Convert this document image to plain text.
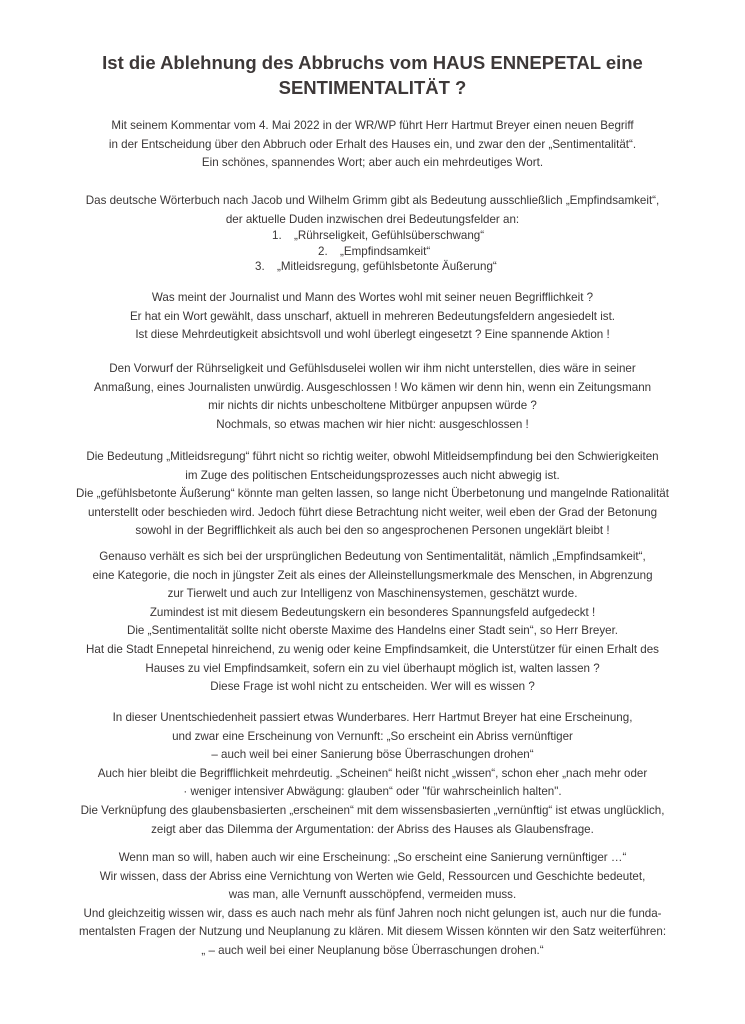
Ist die Ablehnung des Abbruchs vom HAUS ENNEPETAL eine
SENTIMENTALITÄT ?
Mit seinem Kommentar vom 4. Mai 2022 in der WR/WP führt Herr Hartmut Breyer einen neuen Begriff
in der Entscheidung über den Abbruch oder Erhalt des Hauses ein, und zwar den der „Sentimentalität“.
Ein schönes, spannendes Wort; aber auch ein mehrdeutiges Wort.
Das deutsche Wörterbuch nach Jacob und Wilhelm Grimm gibt als Bedeutung ausschließlich „Empfindsamkeit“,
der aktuelle Duden inzwischen drei Bedeutungsfelder an:
1. „Rührseligkeit, Gefühlsüberschwang“
2. „Empfindsamkeit“
3. „Mitleidsregung, gefühlsbetonte Äußerung“
Was meint der Journalist und Mann des Wortes wohl mit seiner neuen Begrifflichkeit ?
Er hat ein Wort gewählt, dass unscharf, aktuell in mehreren Bedeutungsfeldern angesiedelt ist.
Ist diese Mehrdeutigkeit absichtsvoll und wohl überlegt eingesetzt ? Eine spannende Aktion !
Den Vorwurf der Rührseligkeit und Gefühlsduselei wollen wir ihm nicht unterstellen, dies wäre in seiner
Anmaßung, eines Journalisten unwürdig. Ausgeschlossen ! Wo kämen wir denn hin, wenn ein Zeitungsmann
mir nichts dir nichts unbescholtene Mitbürger anpupsen würde ?
Nochmals, so etwas machen wir hier nicht: ausgeschlossen !
Die Bedeutung „Mitleidsregung“ führt nicht so richtig weiter, obwohl Mitleidsempfindung bei den Schwierigkeiten
im Zuge des politischen Entscheidungsprozesses auch nicht abwegig ist.
Die „gefühlsbetonte Äußerung“ könnte man gelten lassen, so lange nicht Überbetonung und mangelnde Rationalität
unterstellt oder beschieden wird. Jedoch führt diese Betrachtung nicht weiter, weil eben der Grad der Betonung
sowohl in der Begrifflichkeit als auch bei den so angesprochenen Personen ungeklärt bleibt !
Genauso verhält es sich bei der ursprünglichen Bedeutung von Sentimentalität, nämlich „Empfindsamkeit“,
eine Kategorie, die noch in jüngster Zeit als eines der Alleinstellungsmerkmale des Menschen, in Abgrenzung
zur Tierwelt und auch zur Intelligenz von Maschinensystemen, geschätzt wurde.
Zumindest ist mit diesem Bedeutungskern ein besonderes Spannungsfeld aufgedeckt !
Die „Sentimentalität sollte nicht oberste Maxime des Handelns einer Stadt sein“, so Herr Breyer.
Hat die Stadt Ennepetal hinreichend, zu wenig oder keine Empfindsamkeit, die Unterstützer für einen Erhalt des
Hauses zu viel Empfindsamkeit, sofern ein zu viel überhaupt möglich ist, walten lassen ?
Diese Frage ist wohl nicht zu entscheiden. Wer will es wissen ?
In dieser Unentschiedenheit passiert etwas Wunderbares. Herr Hartmut Breyer hat eine Erscheinung,
und zwar eine Erscheinung von Vernunft: „So erscheint ein Abriss vernünftiger
– auch weil bei einer Sanierung böse Überraschungen drohen“
Auch hier bleibt die Begrifflichkeit mehrdeutig. „Scheinen“ heißt nicht „wissen“, schon eher „nach mehr oder
· weniger intensiver Abwägung: glauben“ oder "für wahrscheinlich halten".
Die Verknüpfung des glaubensbasierten „erscheinen“ mit dem wissensbasierten „vernünftig“ ist etwas unglücklich,
zeigt aber das Dilemma der Argumentation: der Abriss des Hauses als Glaubensfrage.
Wenn man so will, haben auch wir eine Erscheinung: „So erscheint eine Sanierung vernünftiger …“
Wir wissen, dass der Abriss eine Vernichtung von Werten wie Geld, Ressourcen und Geschichte bedeutet,
was man, alle Vernunft ausschöpfend, vermeiden muss.
Und gleichzeitig wissen wir, dass es auch nach mehr als fünf Jahren noch nicht gelungen ist, auch nur die funda-
mentalsten Fragen der Nutzung und Neuplanung zu klären. Mit diesem Wissen könnten wir den Satz weiterführen:
„ – auch weil bei einer Neuplanung böse Überraschungen drohen.“
